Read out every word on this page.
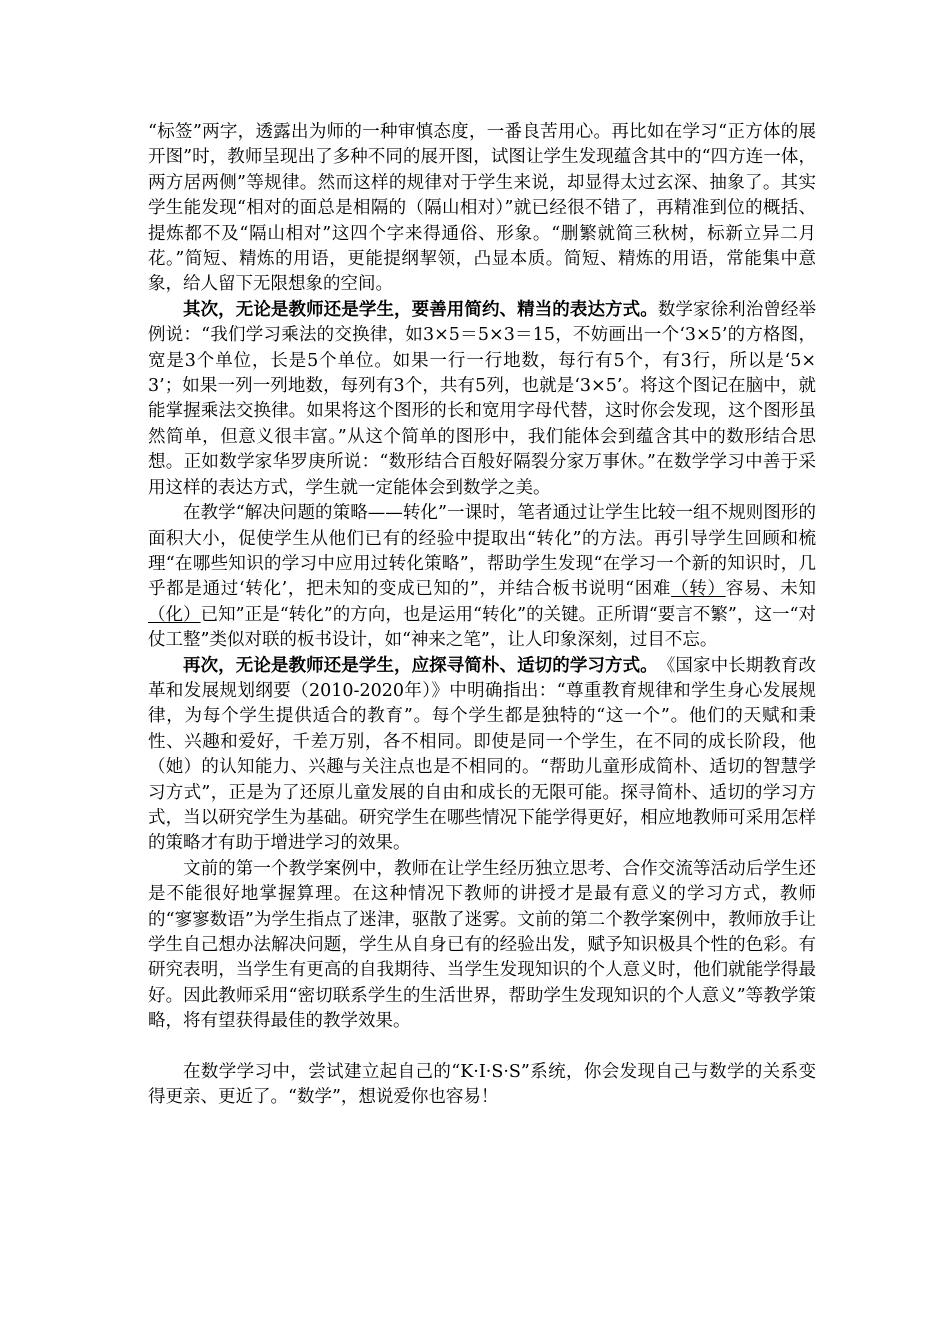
“标签”两字，透露出为师的一种审慎态度，一番良苦用心。再比如在学习“正方体的展开图”时，教师呈现出了多种不同的展开图，试图让学生发现蕴含其中的“四方连一体，两方居两侧”等规律。然而这样的规律对于学生来说，却显得太过玄深、抽象了。其实学生能发现“相对的面总是相隔的（隔山相对）”就已经很不错了，再精准到位的概括、提炼都不及“隔山相对”这四个字来得通俗、形象。“删繁就简三秋树，标新立异二月花。”简短、精炼的用语，更能提纲挈领，凸显本质。简短、精炼的用语，常能集中意象，给人留下无限想象的空间。

其次，无论是教师还是学生，要善用简约、精当的表达方式。数学家徐利治曾经举例说：“我们学习乘法的交换律，如3×5＝5×3＝15，不妨画出一个‘3×5’的方格图，宽是3个单位，长是5个单位。如果一行一行地数，每行有5个，有3行，所以是‘5×3’；如果一列一列地数，每列有3个，共有5列，也就是‘3×5’。将这个图记在脑中，就能掌握乘法交换律。如果将这个图形的长和宽用字母代替，这时你会发现，这个图形虽然简单，但意义很丰富。”从这个简单的图形中，我们能体会到蕴含其中的数形结合思想。正如数学家华罗庚所说：“数形结合百般好隔裂分家万事休。”在数学学习中善于采用这样的表达方式，学生就一定能体会到数学之美。

在教学“解决问题的策略——转化”一课时，笔者通过让学生比较一组不规则图形的面积大小，促使学生从他们已有的经验中提取出“转化”的方法。再引导学生回顾和梳理“在哪些知识的学习中应用过转化策略”，帮助学生发现“在学习一个新的知识时，几乎都是通过‘转化’，把未知的变成已知的”，并结合板书说明“困难（转）容易、未知（化）已知”正是“转化”的方向，也是运用“转化”的关键。正所谓“要言不繁”，这一“对仗工整”类似对联的板书设计，如“神来之笔”，让人印象深刻，过目不忘。

再次，无论是教师还是学生，应探寻简朴、适切的学习方式。　《国家中长期教育改革和发展规划纲要（2010-2020年）》中明确指出：“尊重教育规律和学生身心发展规律，为每个学生提供适合的教育”。每个学生都是独特的“这一个”。他们的天赋和秉性、兴趣和爱好，千差万别，各不相同。即使是同一个学生，在不同的成长阶段，他（她）的认知能力、兴趣与关注点也是不相同的。“帮助儿童形成简朴、适切的智慧学习方式”，正是为了还原儿童发展的自由和成长的无限可能。探寻简朴、适切的学习方式，当以研究学生为基础。研究学生在哪些情况下能学得更好，相应地教师可采用怎样的策略才有助于增进学习的效果。

文前的第一个教学案例中，教师在让学生经历独立思考、合作交流等活动后学生还是不能很好地掌握算理。在这种情况下教师的讲授才是最有意义的学习方式，教师的“寥寥数语”为学生指点了迷津，驱散了迷雾。文前的第二个教学案例中，教师放手让学生自己想办法解决问题，学生从自身已有的经验出发，赋予知识极具个性的色彩。有研究表明，当学生有更高的自我期待、当学生发现知识的个人意义时，他们就能学得最好。因此教师采用“密切联系学生的生活世界，帮助学生发现知识的个人意义”等教学策略，将有望获得最佳的教学效果。

在数学学习中，尝试建立起自己的“K·I·S·S”系统，你会发现自己与数学的关系变得更亲、更近了。“数学”，想说爱你也容易！
